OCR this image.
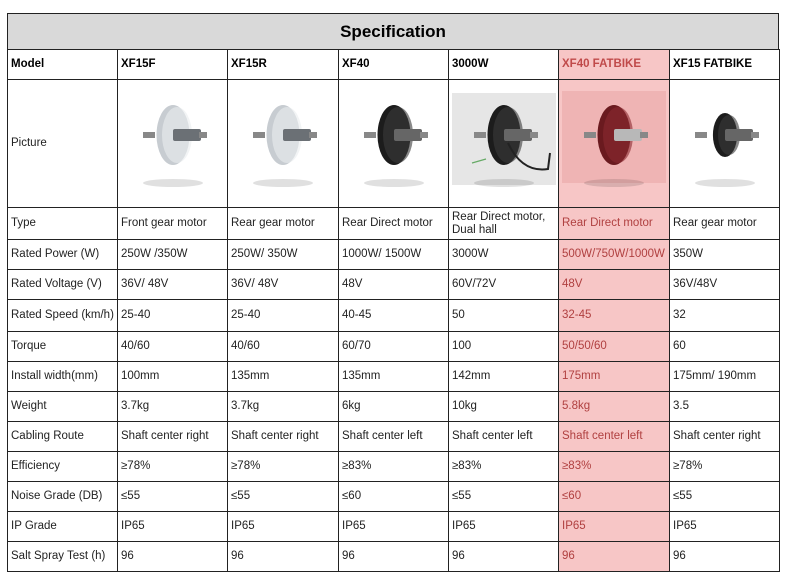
Specification
Model	XF15F	XF15R	XF40	3000W	XF40 FATBIKE	XF15 FATBIKE
Picture	

Type	Front gear motor	Rear gear motor	Rear Direct motor	Rear Direct motor, Dual hall	Rear Direct motor	Rear gear motor
Rated Power (W)	250W /350W	250W/ 350W	1000W/ 1500W	3000W	500W/750W/1000W	350W
Rated Voltage (V)	36V/ 48V	36V/ 48V	48V	60V/72V	48V	36V/48V
Rated Speed (km/h)	25-40	25-40	40-45	50	32-45	32
Torque	40/60	40/60	60/70	100	50/50/60	60
Install width(mm)	100mm	135mm	135mm	142mm	175mm	175mm/ 190mm
Weight	3.7kg	3.7kg	6kg	10kg	5.8kg	3.5
Cabling Route	Shaft center right	Shaft center right	Shaft center left	Shaft center left	Shaft center left	Shaft center right
Efficiency	≥78%	≥78%	≥83%	≥83%	≥83%	≥78%
Noise Grade (DB)	≤55	≤55	≤60	≤55	≤60	≤55
IP Grade	IP65	IP65	IP65	IP65	IP65	IP65
Salt Spray Test (h)	96	96	96	96	96	96
